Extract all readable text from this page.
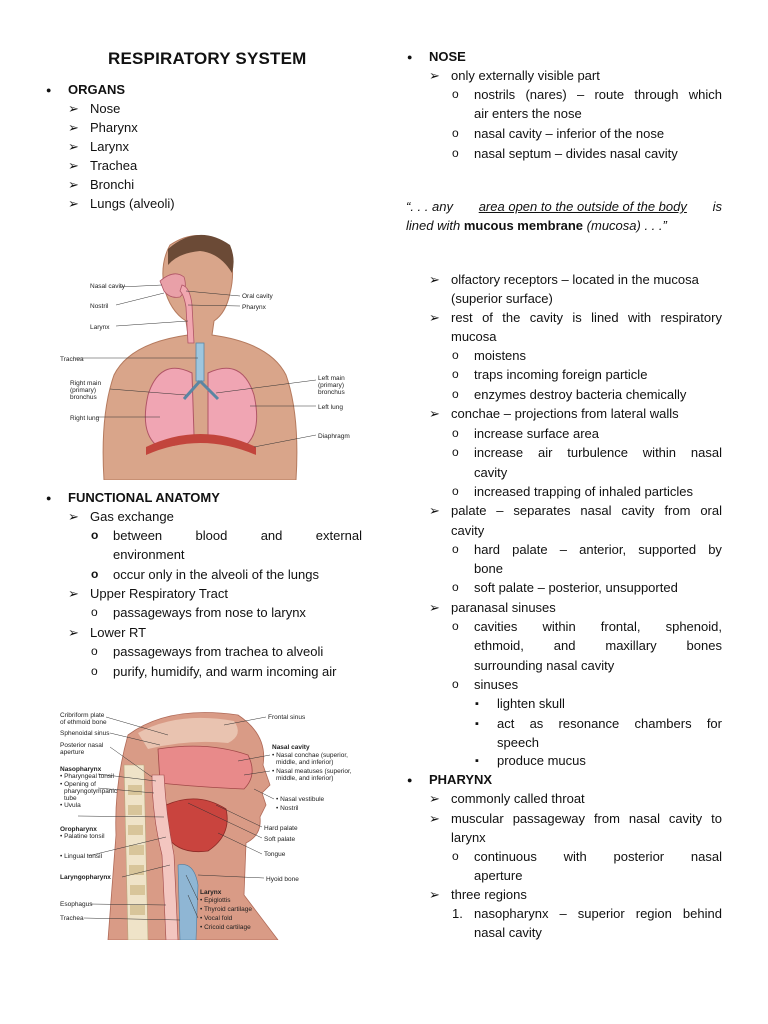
RESPIRATORY SYSTEM
● ORGANS
➢ Nose
➢ Pharynx
➢ Larynx
➢ Trachea
➢ Bronchi
➢ Lungs (alveoli)
Nasal cavity
Nostril
Larynx
Trachea
Right main
(primary)
bronchus
Right lung
Oral cavity
Pharynx
Left main
(primary)
bronchus
Left lung
Diaphragm
● FUNCTIONAL ANATOMY
➢ Gas exchange
o between	blood	and	external
environment
o occur only in the alveoli of the lungs
➢ Upper Respiratory Tract
o passageways from nose to larynx
➢ Lower RT
o passageways from trachea to alveoli
o purify, humidify, and warm incoming air
Cribriform plate
of ethmoid bone
Sphenoidal sinus
Posterior nasal
aperture
Nasopharynx
• Pharyngeal tonsil
• Opening of
pharyngotympanic
tube
• Uvula
Oropharynx
• Palatine tonsil
• Lingual tonsil
Laryngopharynx
Esophagus
Trachea
Frontal sinus
Nasal cavity
• Nasal conchae (superior,
middle, and inferior)
• Nasal meatuses (superior,
middle, and inferior)
• Nasal vestibule
• Nostril
Hard palate
Soft palate
Tongue
Hyoid bone
Larynx
• Epiglottis
• Thyroid cartilage
• Vocal fold
• Cricoid cartilage
● NOSE
➢ only externally visible part
o nostrils (nares) – route through which
air enters the nose
o nasal cavity – inferior of the nose
o nasal septum – divides nasal cavity
“. . . any area open to the outside of the body is
lined with mucous membrane (mucosa) . . .”
➢ olfactory receptors – located in the mucosa
(superior surface)
➢ rest of the cavity is lined with respiratory
mucosa
o moistens
o traps incoming foreign particle
o enzymes destroy bacteria chemically
➢ conchae – projections from lateral walls
o increase surface area
o increase air turbulence within nasal
cavity
o increased trapping of inhaled particles
➢ palate – separates nasal cavity from oral
cavity
o hard palate – anterior, supported by
bone
o soft palate – posterior, unsupported
➢ paranasal sinuses
o cavities within frontal, sphenoid,
ethmoid, and maxillary bones
surrounding nasal cavity
o sinuses
▪ lighten skull
▪ act as resonance chambers for
speech
▪ produce mucus
● PHARYNX
➢ commonly called throat
➢ muscular passageway from nasal cavity to
larynx
o continuous with posterior nasal
aperture
➢ three regions
1. nasopharynx – superior region behind
nasal cavity
